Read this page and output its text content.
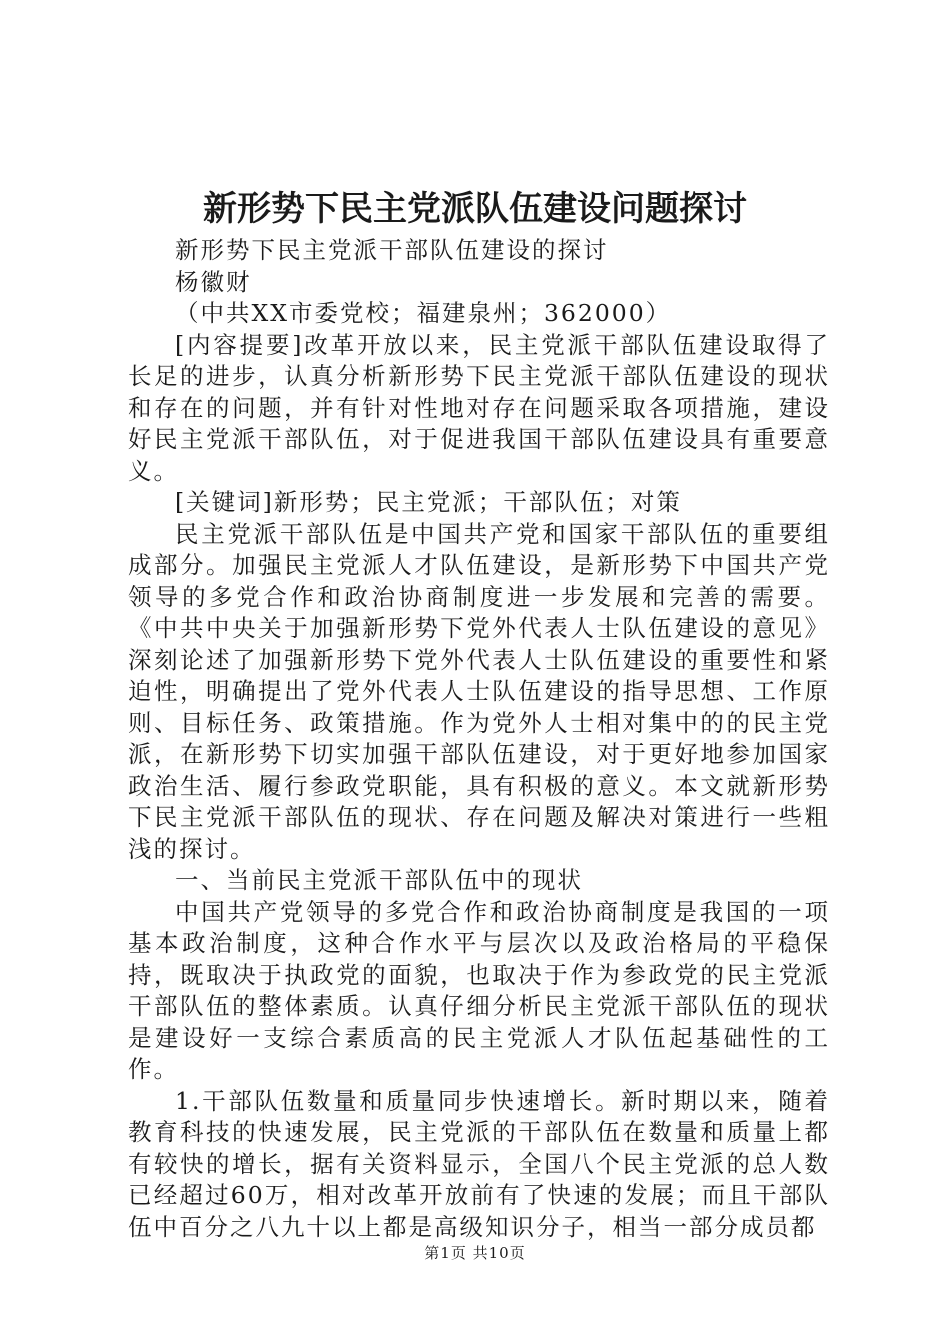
新形势下民主党派队伍建设问题探讨

新形势下民主党派干部队伍建设的探讨

杨徽财

（中共XX市委党校；福建泉州；362000）

[内容提要]改革开放以来，民主党派干部队伍建设取得了长足的进步，认真分析新形势下民主党派干部队伍建设的现状和存在的问题，并有针对性地对存在问题采取各项措施，建设好民主党派干部队伍，对于促进我国干部队伍建设具有重要意义。

[关键词]新形势；民主党派；干部队伍；对策

民主党派干部队伍是中国共产党和国家干部队伍的重要组成部分。加强民主党派人才队伍建设，是新形势下中国共产党领导的多党合作和政治协商制度进一步发展和完善的需要。《中共中央关于加强新形势下党外代表人士队伍建设的意见》深刻论述了加强新形势下党外代表人士队伍建设的重要性和紧迫性，明确提出了党外代表人士队伍建设的指导思想、工作原则、目标任务、政策措施。作为党外人士相对集中的的民主党派，在新形势下切实加强干部队伍建设，对于更好地参加国家政治生活、履行参政党职能，具有积极的意义。本文就新形势下民主党派干部队伍的现状、存在问题及解决对策进行一些粗浅的探讨。

一、当前民主党派干部队伍中的现状

中国共产党领导的多党合作和政治协商制度是我国的一项基本政治制度，这种合作水平与层次以及政治格局的平稳保持，既取决于执政党的面貌，也取决于作为参政党的民主党派干部队伍的整体素质。认真仔细分析民主党派干部队伍的现状是建设好一支综合素质高的民主党派人才队伍起基础性的工作。

1.干部队伍数量和质量同步快速增长。新时期以来，随着教育科技的快速发展，民主党派的干部队伍在数量和质量上都有较快的增长，据有关资料显示，全国八个民主党派的总人数已经超过60万，相对改革开放前有了快速的发展；而且干部队伍中百分之八九十以上都是高级知识分子，相当一部分成员都

第1页 共10页
